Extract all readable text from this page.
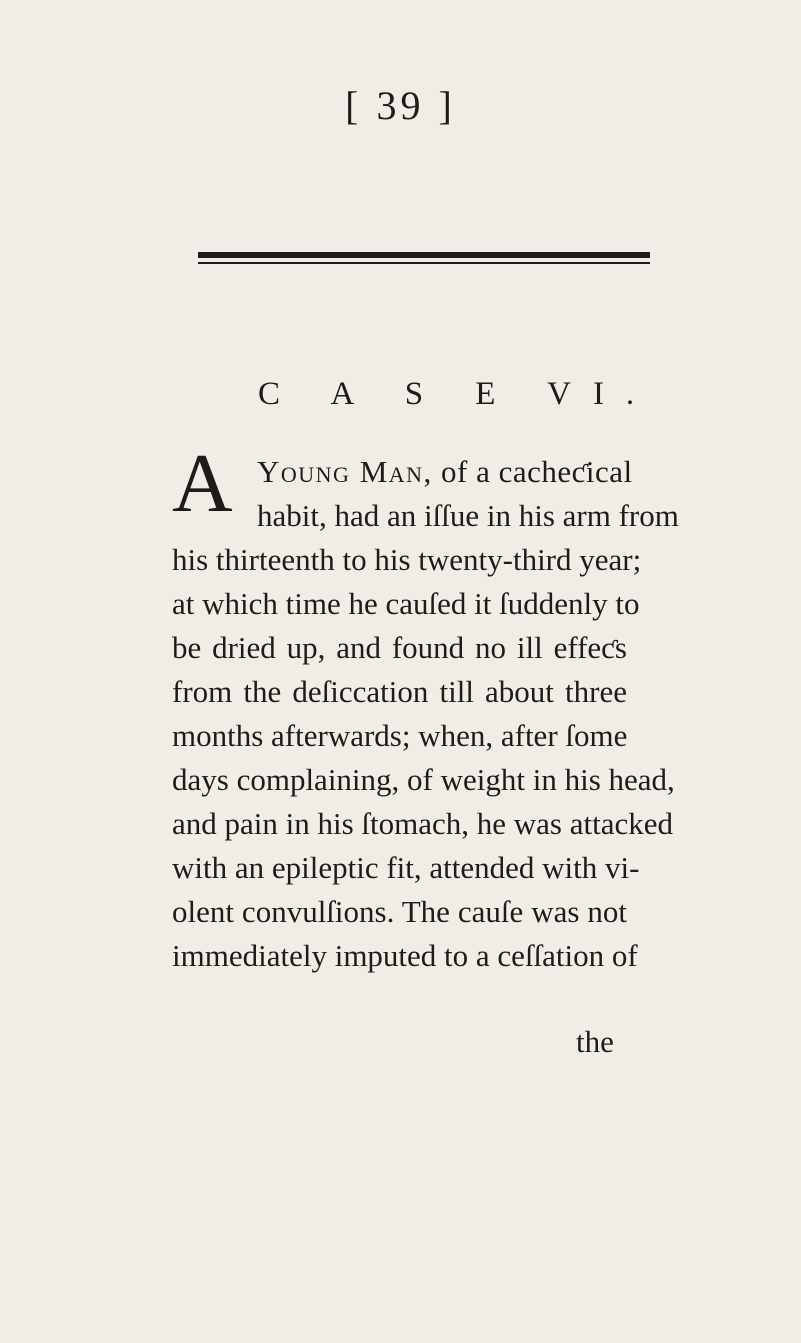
[ 39 ]
C A S E VI.
A Young Man, of a cacheƈical
habit, had an iſſue in his arm from
his thirteenth to his twenty-third year;
at which time he cauſed it ſuddenly to
be dried up, and found no ill effeƈs
from the deſiccation till about three
months afterwards; when, after ſome
days complaining, of weight in his head,
and pain in his ſtomach, he was attacked
with an epileptic fit, attended with vi-
olent convulſions. The cauſe was not
immediately imputed to a ceſſation of
the
